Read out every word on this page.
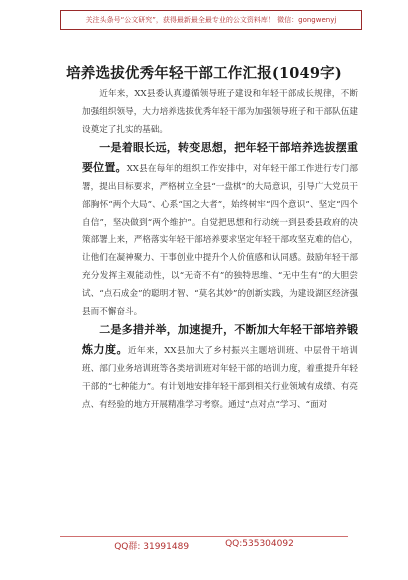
关注头条号“公文研究”，获得最新最全最专业的公文资料库！ 微信：gongwenyj
培养选拔优秀年轻干部工作汇报(1049字)

近年来，XX县委认真遵循领导班子建设和年轻干部成长规律，不断加强组织领导，大力培养选拔优秀年轻干部为加强领导班子和干部队伍建设奠定了扎实的基础。

一是着眼长远，转变思想，把年轻干部培养选拔摆重要位置。XX县在每年的组织工作安排中，对年轻干部工作进行专门部署，提出目标要求，严格树立全县“一盘棋”的大局意识，引导广大党员干部胸怀“两个大局”、心系“国之大者”，始终树牢“四个意识”、坚定“四个自信”，坚决做到“两个维护”。自觉把思想和行动统一到县委县政府的决策部署上来，严格落实年轻干部培养要求坚定年轻干部攻坚克难的信心，让他们在凝神聚力、干事创业中提升个人价值感和认同感。鼓励年轻干部充分发挥主观能动性，以“无奇不有”的独特思维、“无中生有”的大胆尝试、“点石成金”的聪明才智、“莫名其妙”的创新实践，为建设湖区经济强县而不懈奋斗。

二是多措并举，加速提升，不断加大年轻干部培养锻炼力度。近年来，XX县加大了乡村振兴主题培训班、中层骨干培训班、部门业务培训班等各类培训班对年轻干部的培训力度，着重提升年轻干部的“七种能力”。有计划地安排年轻干部到相关行业领域有成绩、有亮点、有经验的地方开展精准学习考察。通过“点对点”学习、“面对

QQ群: 31991489	QQ:535304092
